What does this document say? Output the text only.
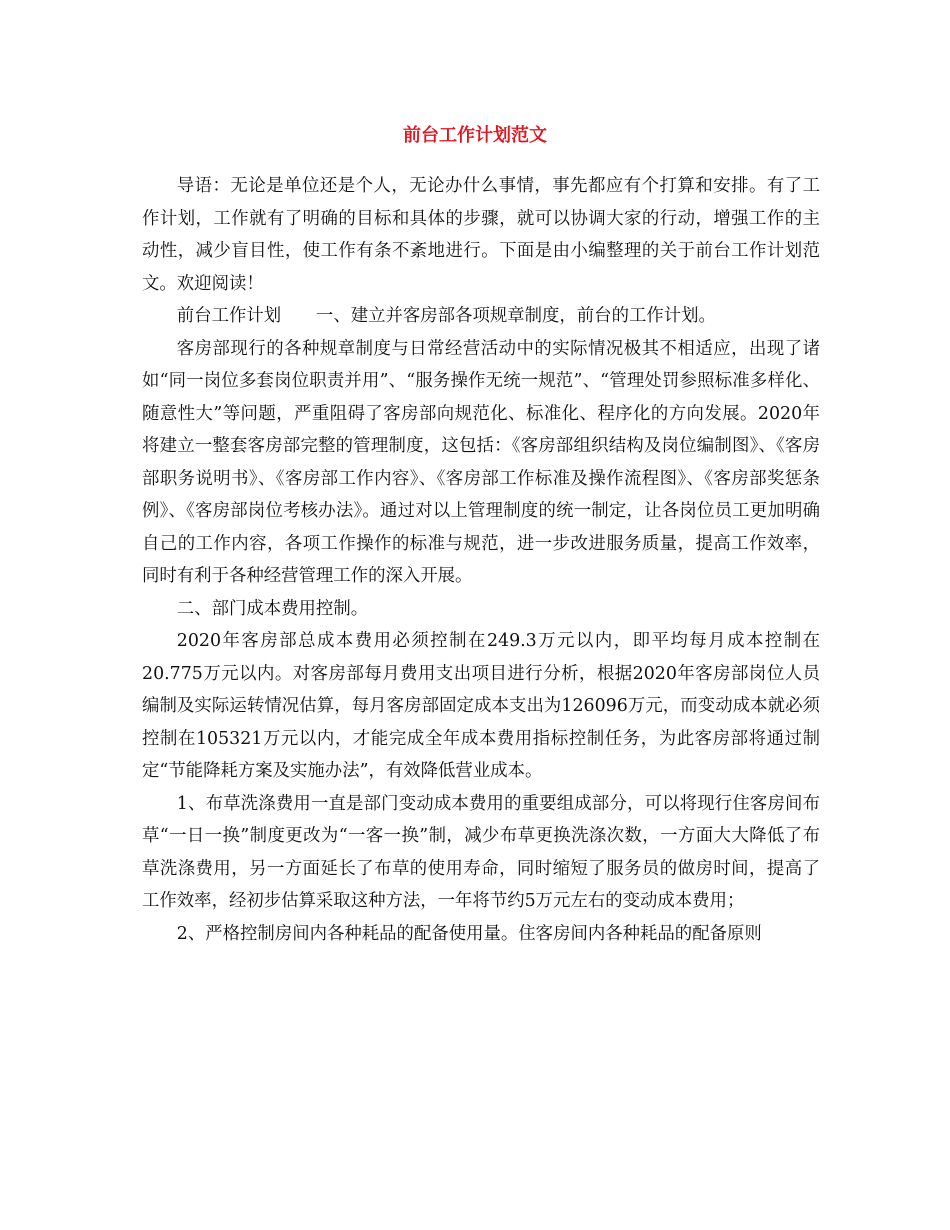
前台工作计划范文

导语：无论是单位还是个人，无论办什么事情，事先都应有个打算和安排。有了工作计划，工作就有了明确的目标和具体的步骤，就可以协调大家的行动，增强工作的主动性，减少盲目性，使工作有条不紊地进行。下面是由小编整理的关于前台工作计划范文。欢迎阅读！

前台工作计划　　一、建立并客房部各项规章制度，前台的工作计划。

客房部现行的各种规章制度与日常经营活动中的实际情况极其不相适应，出现了诸如“同一岗位多套岗位职责并用”、“服务操作无统一规范”、“管理处罚参照标准多样化、随意性大”等问题，严重阻碍了客房部向规范化、标准化、程序化的方向发展。2020年将建立一整套客房部完整的管理制度，这包括：《客房部组织结构及岗位编制图》、《客房部职务说明书》、《客房部工作内容》、《客房部工作标准及操作流程图》、《客房部奖惩条例》、《客房部岗位考核办法》。通过对以上管理制度的统一制定，让各岗位员工更加明确自己的工作内容，各项工作操作的标准与规范，进一步改进服务质量，提高工作效率，同时有利于各种经营管理工作的深入开展。

二、部门成本费用控制。

2020年客房部总成本费用必须控制在249.3万元以内，即平均每月成本控制在20.775万元以内。对客房部每月费用支出项目进行分析，根据2020年客房部岗位人员编制及实际运转情况估算，每月客房部固定成本支出为126096万元，而变动成本就必须控制在105321万元以内，才能完成全年成本费用指标控制任务，为此客房部将通过制定“节能降耗方案及实施办法”，有效降低营业成本。

1、布草洗涤费用一直是部门变动成本费用的重要组成部分，可以将现行住客房间布草“一日一换”制度更改为“一客一换”制，减少布草更换洗涤次数，一方面大大降低了布草洗涤费用，另一方面延长了布草的使用寿命，同时缩短了服务员的做房时间，提高了工作效率，经初步估算采取这种方法，一年将节约5万元左右的变动成本费用；

2、严格控制房间内各种耗品的配备使用量。住客房间内各种耗品的配备原则
